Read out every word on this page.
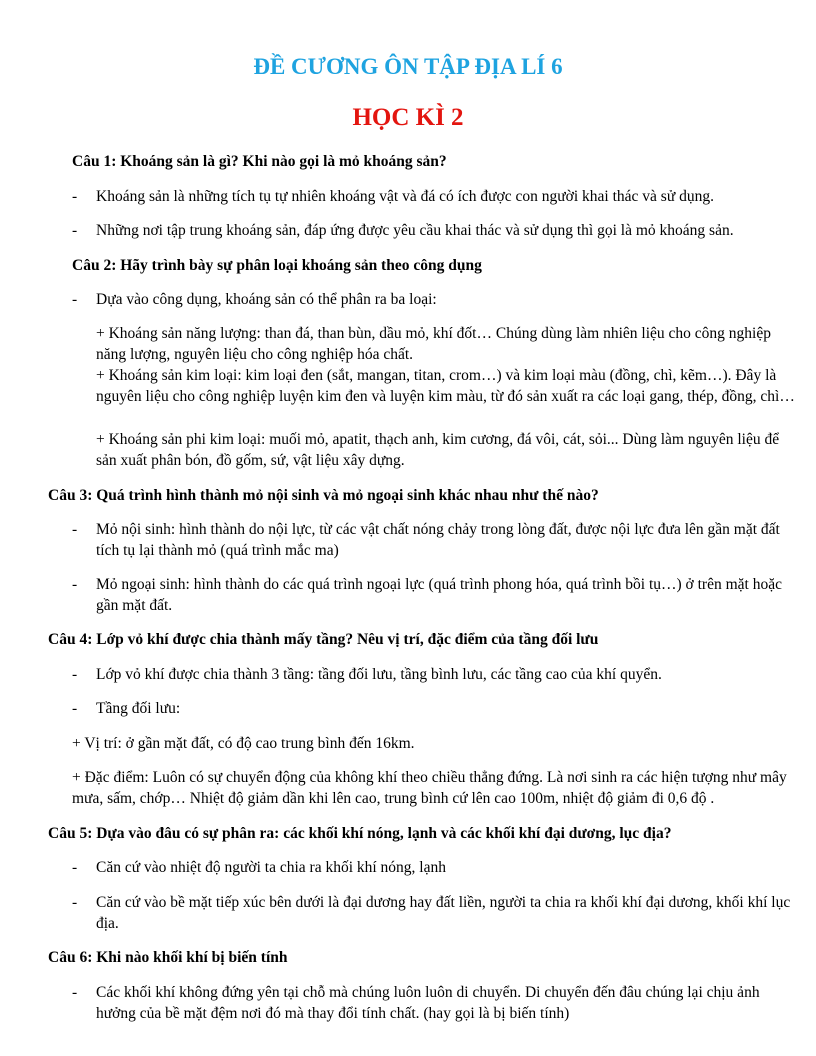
ĐỀ CƯƠNG ÔN TẬP ĐỊA LÍ 6
HỌC KÌ 2
Câu 1: Khoáng sản là gì? Khi nào gọi là mỏ khoáng sản?
- Khoáng sản là những tích tụ tự nhiên khoáng vật và đá có ích được con người khai thác và sử dụng.
- Những nơi tập trung khoáng sản, đáp ứng được yêu cầu khai thác và sử dụng thì gọi là mỏ khoáng sản.
Câu 2: Hãy trình bày sự phân loại khoáng sản theo công dụng
- Dựa vào công dụng, khoáng sản có thể phân ra ba loại:
+ Khoáng sản năng lượng: than đá, than bùn, dầu mỏ, khí đốt… Chúng dùng làm nhiên liệu cho công nghiệp năng lượng, nguyên liệu cho công nghiệp hóa chất.
+ Khoáng sản kim loại: kim loại đen (sắt, mangan, titan, crom…) và kim loại màu (đồng, chì, kẽm…). Đây là nguyên liệu cho công nghiệp luyện kim đen và luyện kim màu, từ đó sản xuất ra các loại gang, thép, đồng, chì…
+ Khoáng sản phi kim loại: muối mỏ, apatit, thạch anh, kim cương, đá vôi, cát, sỏi... Dùng làm nguyên liệu để sản xuất phân bón, đồ gốm, sứ, vật liệu xây dựng.
Câu 3: Quá trình hình thành mỏ nội sinh và mỏ ngoại sinh khác nhau như thế nào?
- Mỏ nội sinh: hình thành do nội lực, từ các vật chất nóng chảy trong lòng đất, được nội lực đưa lên gần mặt đất tích tụ lại thành mỏ (quá trình mắc ma)
- Mỏ ngoại sinh: hình thành do các quá trình ngoại lực (quá trình phong hóa, quá trình bồi tụ…) ở trên mặt hoặc gần mặt đất.
Câu 4: Lớp vỏ khí được chia thành mấy tầng? Nêu vị trí, đặc điểm của tầng đối lưu
- Lớp vỏ khí được chia thành 3 tầng: tầng đối lưu, tầng bình lưu, các tầng cao của khí quyển.
- Tầng đối lưu:
+ Vị trí: ở gần mặt đất, có độ cao trung bình đến 16km.
+ Đặc điểm: Luôn có sự chuyển động của không khí theo chiều thẳng đứng. Là nơi sinh ra các hiện tượng như mây mưa, sấm, chớp… Nhiệt độ giảm dần khi lên cao, trung bình cứ lên cao 100m, nhiệt độ giảm đi 0,6 độ .
Câu 5: Dựa vào đâu có sự phân ra: các khối khí nóng, lạnh và các khối khí đại dương, lục địa?
- Căn cứ vào nhiệt độ người ta chia ra khối khí nóng, lạnh
- Căn cứ vào bề mặt tiếp xúc bên dưới là đại dương hay đất liền, người ta chia ra khối khí đại dương, khối khí lục địa.
Câu 6: Khi nào khối khí bị biến tính
- Các khối khí không đứng yên tại chỗ mà chúng luôn luôn di chuyển. Di chuyển đến đâu chúng lại chịu ảnh hưởng của bề mặt đệm nơi đó mà thay đổi tính chất. (hay gọi là bị biến tính)
